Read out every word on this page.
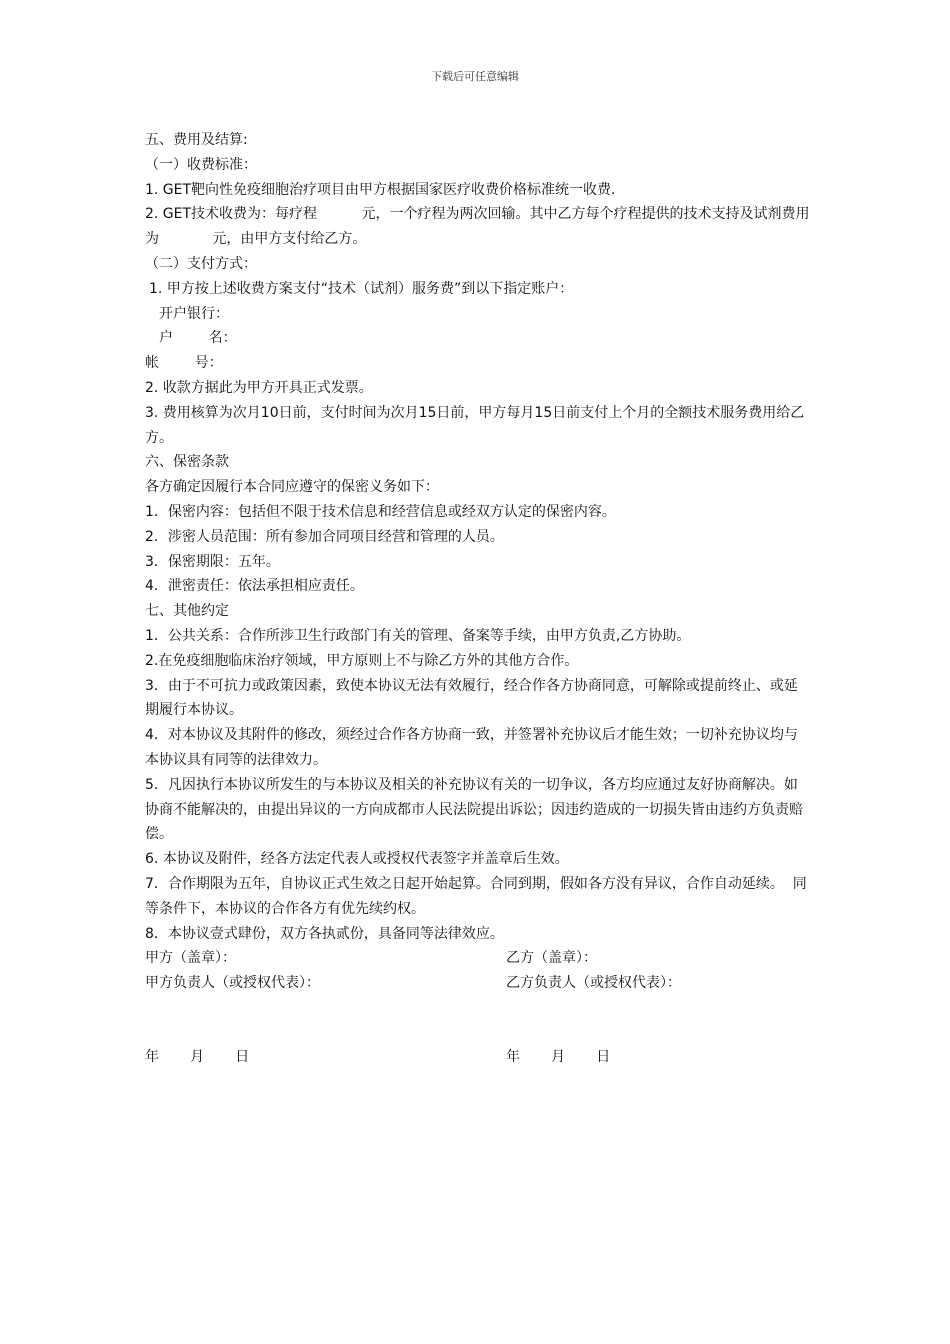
下载后可任意编辑

五、费用及结算:

（一）收费标准：

1. GET靶向性免疫细胞治疗项目由甲方根据国家医疗收费价格标准统一收费.

2. GET技术收费为：每疗程          元，一个疗程为两次回输。其中乙方每个疗程提供的技术支持及试剂费用为            元，由甲方支付给乙方。

（二）支付方式：

1. 甲方按上述收费方案支付“技术（试剂）服务费”到以下指定账户：

开户银行：

户        名：

帐        号：

2. 收款方据此为甲方开具正式发票。

3. 费用核算为次月10日前，支付时间为次月15日前，甲方每月15日前支付上个月的全额技术服务费用给乙方。

六、保密条款

各方确定因履行本合同应遵守的保密义务如下：

1．保密内容：包括但不限于技术信息和经营信息或经双方认定的保密内容。

2．涉密人员范围：所有参加合同项目经营和管理的人员。

3．保密期限：五年。

4．泄密责任：依法承担相应责任。

七、其他约定

1．公共关系：合作所涉卫生行政部门有关的管理、备案等手续，由甲方负责,乙方协助。

2.在免疫细胞临床治疗领域，甲方原则上不与除乙方外的其他方合作。

3．由于不可抗力或政策因素，致使本协议无法有效履行，经合作各方协商同意，可解除或提前终止、或延期履行本协议。

4．对本协议及其附件的修改，须经过合作各方协商一致，并签署补充协议后才能生效；一切补充协议均与本协议具有同等的法律效力。

5．凡因执行本协议所发生的与本协议及相关的补充协议有关的一切争议，各方均应通过友好协商解决。如协商不能解决的，由提出异议的一方向成都市人民法院提出诉讼；因违约造成的一切损失皆由违约方负责赔偿。

6. 本协议及附件，经各方法定代表人或授权代表签字并盖章后生效。

7．合作期限为五年，自协议正式生效之日起开始起算。合同到期，假如各方没有异议，合作自动延续。  同等条件下，本协议的合作各方有优先续约权。

8．本协议壹式肆份，双方各执贰份，具备同等法律效应。

甲方（盖章）：	乙方（盖章）：
甲方负责人（或授权代表）：	乙方负责人（或授权代表）：
年       月       日	年       月       日
